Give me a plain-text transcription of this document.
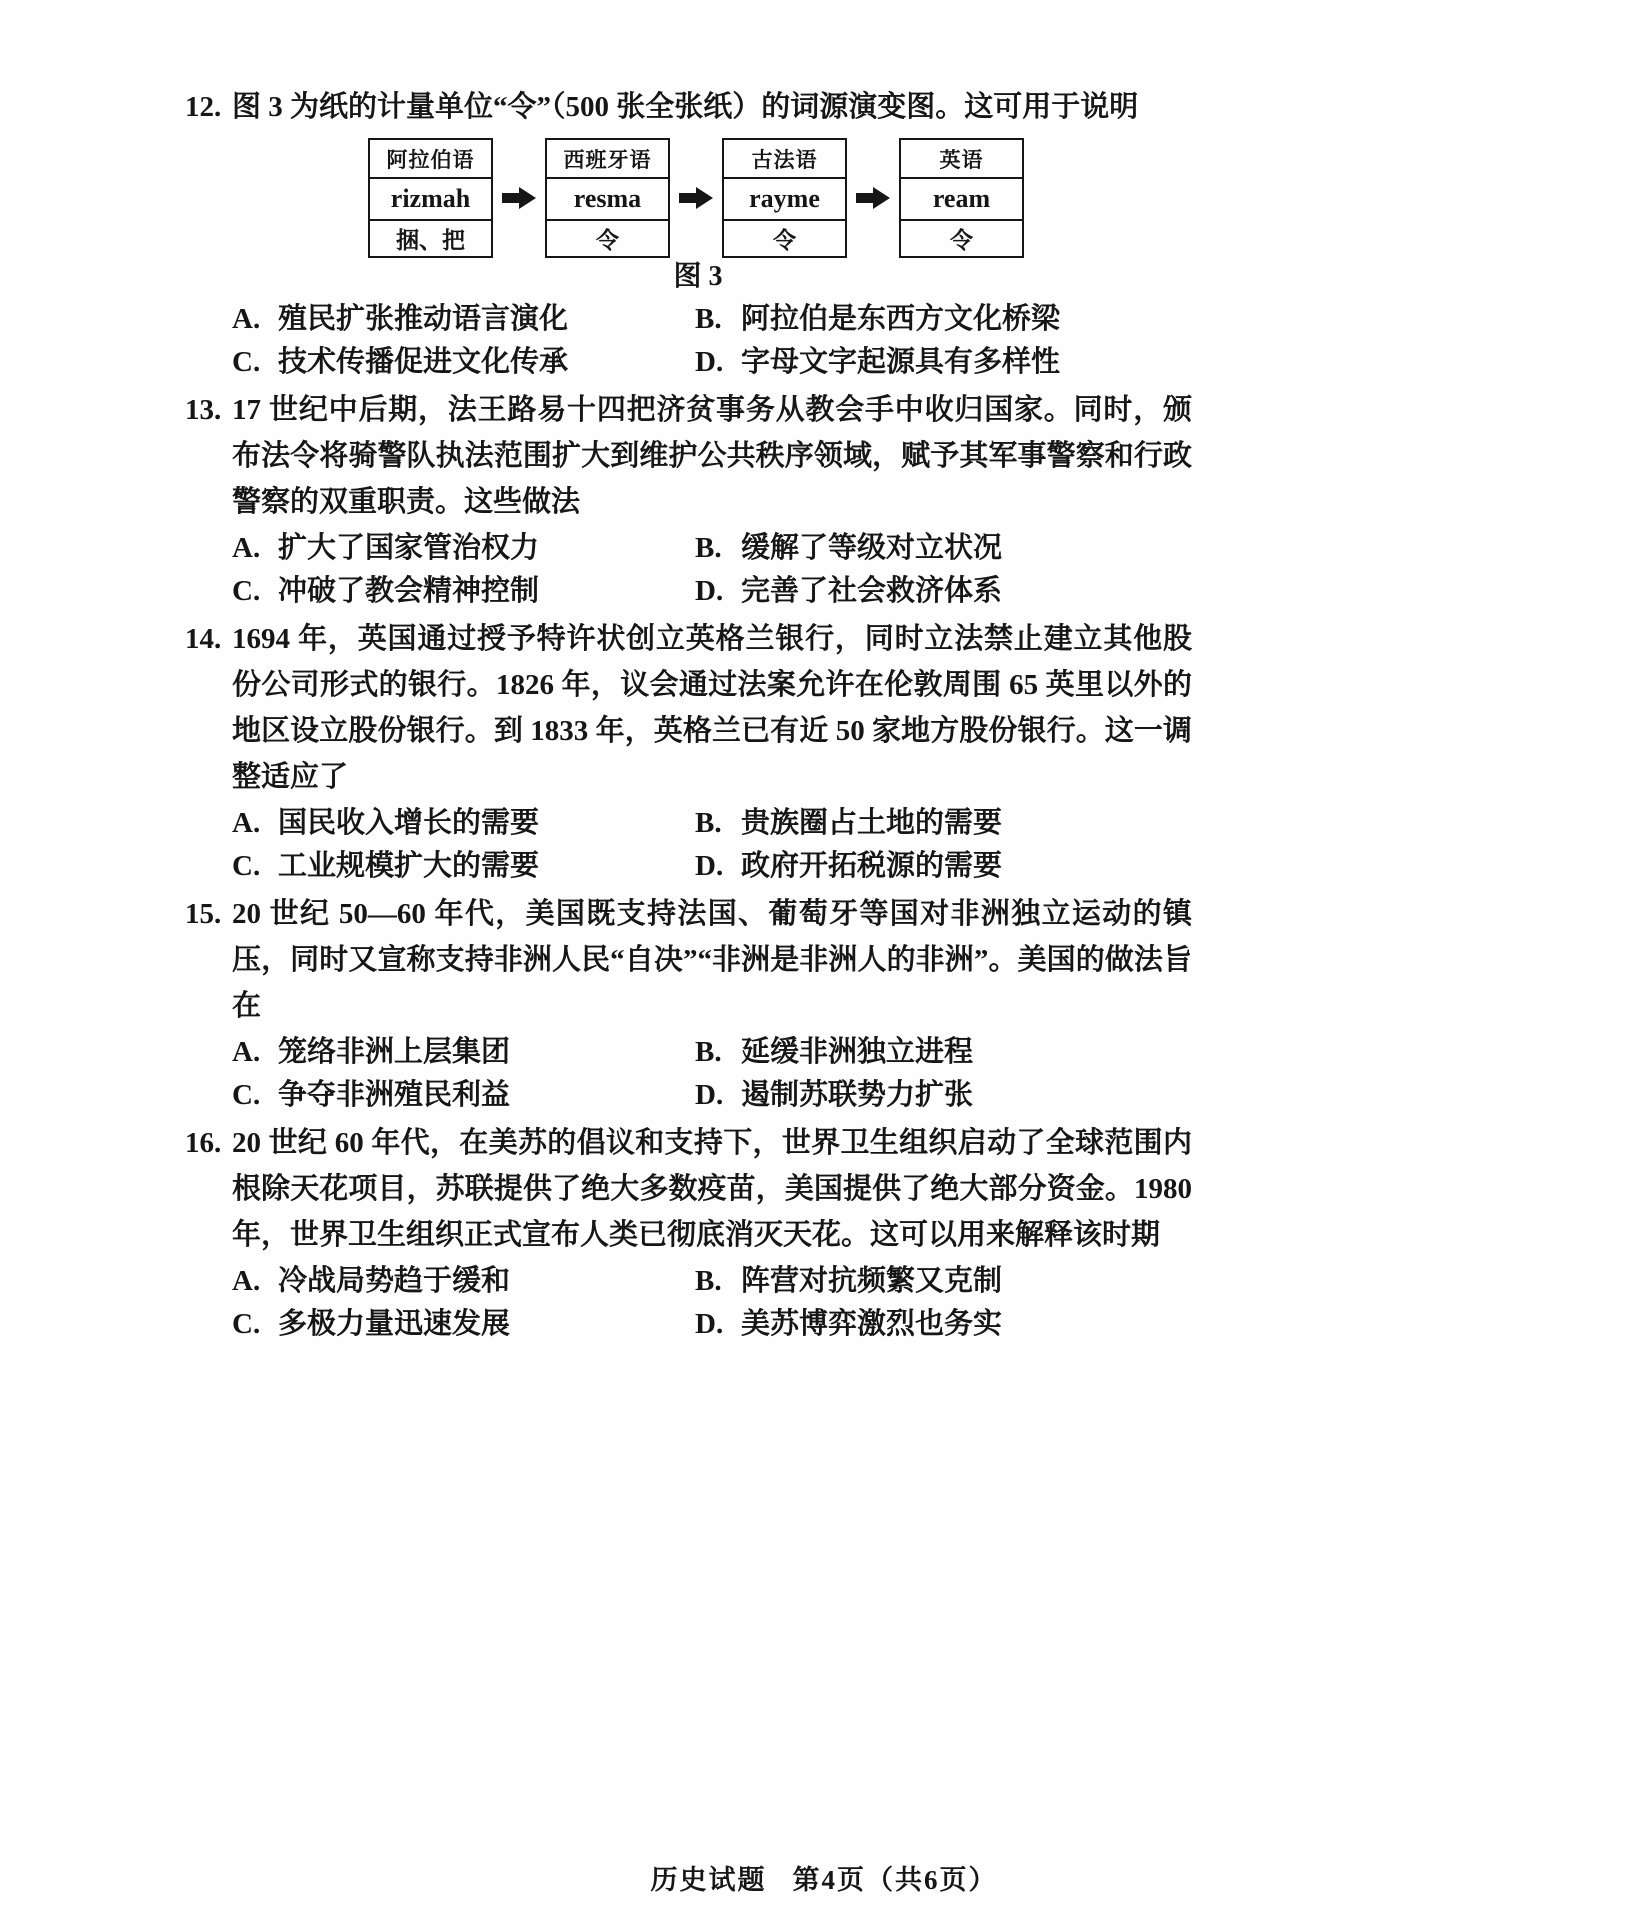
12. 图 3 为纸的计量单位“令”（500 张全张纸）的词源演变图。这可用于说明
阿拉伯语
rizmah
捆、把
西班牙语
resma
令
古法语
rayme
令
英语
ream
令
图 3
A. 殖民扩张推动语言演化	B. 阿拉伯是东西方文化桥梁
C. 技术传播促进文化传承	D. 字母文字起源具有多样性
13. 17 世纪中后期，法王路易十四把济贫事务从教会手中收归国家。同时，颁布法令将骑警队执法范围扩大到维护公共秩序领域，赋予其军事警察和行政警察的双重职责。这些做法
A. 扩大了国家管治权力	B. 缓解了等级对立状况
C. 冲破了教会精神控制	D. 完善了社会救济体系
14. 1694 年，英国通过授予特许状创立英格兰银行，同时立法禁止建立其他股份公司形式的银行。1826 年，议会通过法案允许在伦敦周围 65 英里以外的地区设立股份银行。到 1833 年，英格兰已有近 50 家地方股份银行。这一调整适应了
A. 国民收入增长的需要	B. 贵族圈占土地的需要
C. 工业规模扩大的需要	D. 政府开拓税源的需要
15. 20 世纪 50—60 年代，美国既支持法国、葡萄牙等国对非洲独立运动的镇压，同时又宣称支持非洲人民“自决”“非洲是非洲人的非洲”。美国的做法旨在
A. 笼络非洲上层集团	B. 延缓非洲独立进程
C. 争夺非洲殖民利益	D. 遏制苏联势力扩张
16. 20 世纪 60 年代，在美苏的倡议和支持下，世界卫生组织启动了全球范围内根除天花项目，苏联提供了绝大多数疫苗，美国提供了绝大部分资金。1980 年，世界卫生组织正式宣布人类已彻底消灭天花。这可以用来解释该时期
A. 冷战局势趋于缓和	B. 阵营对抗频繁又克制
C. 多极力量迅速发展	D. 美苏博弈激烈也务实
历史试题 第4页（共6页）
